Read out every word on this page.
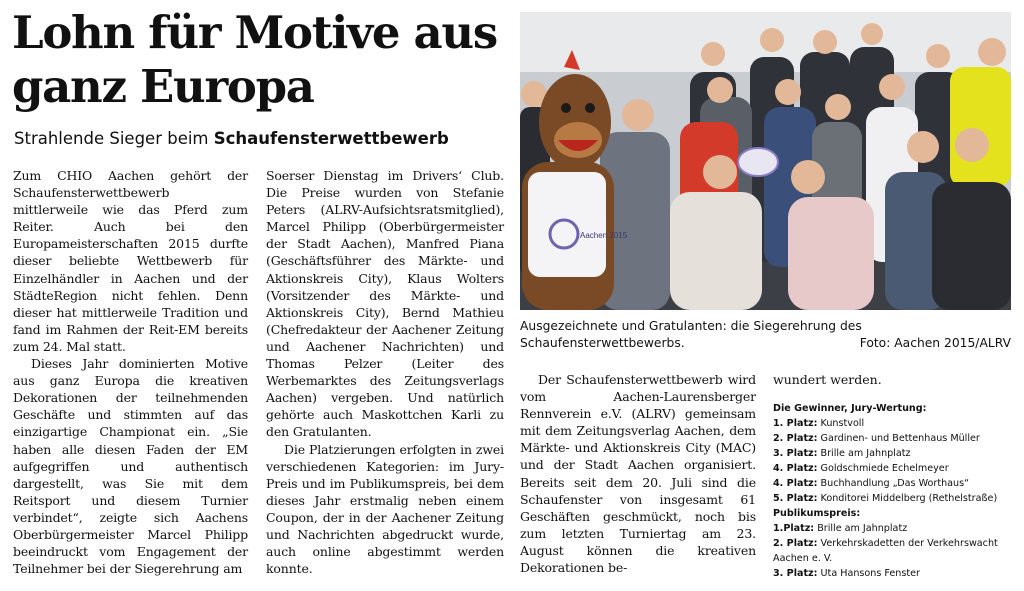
Lohn für Motive aus
ganz Europa

Strahlende Sieger beim Schaufensterwettbewerb

Zum CHIO Aachen gehört der Schaufensterwettbewerb mittlerweile wie das Pferd zum Reiter. Auch bei den Europameisterschaften 2015 durfte dieser beliebte Wettbewerb für Einzelhändler in Aachen und der StädteRegion nicht fehlen. Denn dieser hat mittlerweile Tradition und fand im Rahmen der Reit-EM bereits zum 24. Mal statt.

Dieses Jahr dominierten Motive aus ganz Europa die kreativen Dekorationen der teilnehmenden Geschäfte und stimmten auf das einzigartige Championat ein. „Sie haben alle diesen Faden der EM aufgegriffen und authentisch dargestellt, was Sie mit dem Reitsport und diesem Turnier verbindet“, zeigte sich Aachens Oberbürgermeister Marcel Philipp beeindruckt vom Engagement der Teilnehmer bei der Siegerehrung am

Soerser Dienstag im Drivers‘ Club. Die Preise wurden von Stefanie Peters (ALRV-Aufsichtsratsmitglied), Marcel Philipp (Oberbürgermeister der Stadt Aachen), Manfred Piana (Geschäftsführer des Märkte- und Aktionskreis City), Klaus Wolters (Vorsitzender des Märkte- und Aktionskreis City), Bernd Mathieu (Chefredakteur der Aachener Zeitung und Aachener Nachrichten) und Thomas Pelzer (Leiter des Werbemarktes des Zeitungsverlags Aachen) vergeben. Und natürlich gehörte auch Maskottchen Karli zu den Gratulanten.

Die Platzierungen erfolgten in zwei verschiedenen Kategorien: im Jury-Preis und im Publikumspreis, bei dem dieses Jahr erstmalig neben einem Coupon, der in der Aachener Zeitung und Nachrichten abgedruckt wurde, auch online abgestimmt werden konnte.

Aachen 2015
Ausgezeichnete und Gratulanten: die Siegerehrung des Schaufensterwettbewerbs.	Foto: Aachen 2015/ALRV

Der Schaufensterwettbewerb wird vom Aachen-Laurensberger Rennverein e.V. (ALRV) gemeinsam mit dem Zeitungsverlag Aachen, dem Märkte- und Aktionskreis City (MAC) und der Stadt Aachen organisiert. Bereits seit dem 20. Juli sind die Schaufenster von insgesamt 61 Geschäften geschmückt, noch bis zum letzten Turniertag am 23. August können die kreativen Dekorationen be-

wundert werden.

Die Gewinner, Jury-Wertung:

1. Platz: Kunstvoll

2. Platz: Gardinen- und Bettenhaus Müller

3. Platz: Brille am Jahnplatz

4. Platz: Goldschmiede Echelmeyer

4. Platz: Buchhandlung „Das Worthaus“

5. Platz: Konditorei Middelberg (Rethelstraße)

Publikumspreis:

1.Platz: Brille am Jahnplatz

2. Platz: Verkehrskadetten der Verkehrswacht Aachen e. V.

3. Platz: Uta Hansons Fenster
